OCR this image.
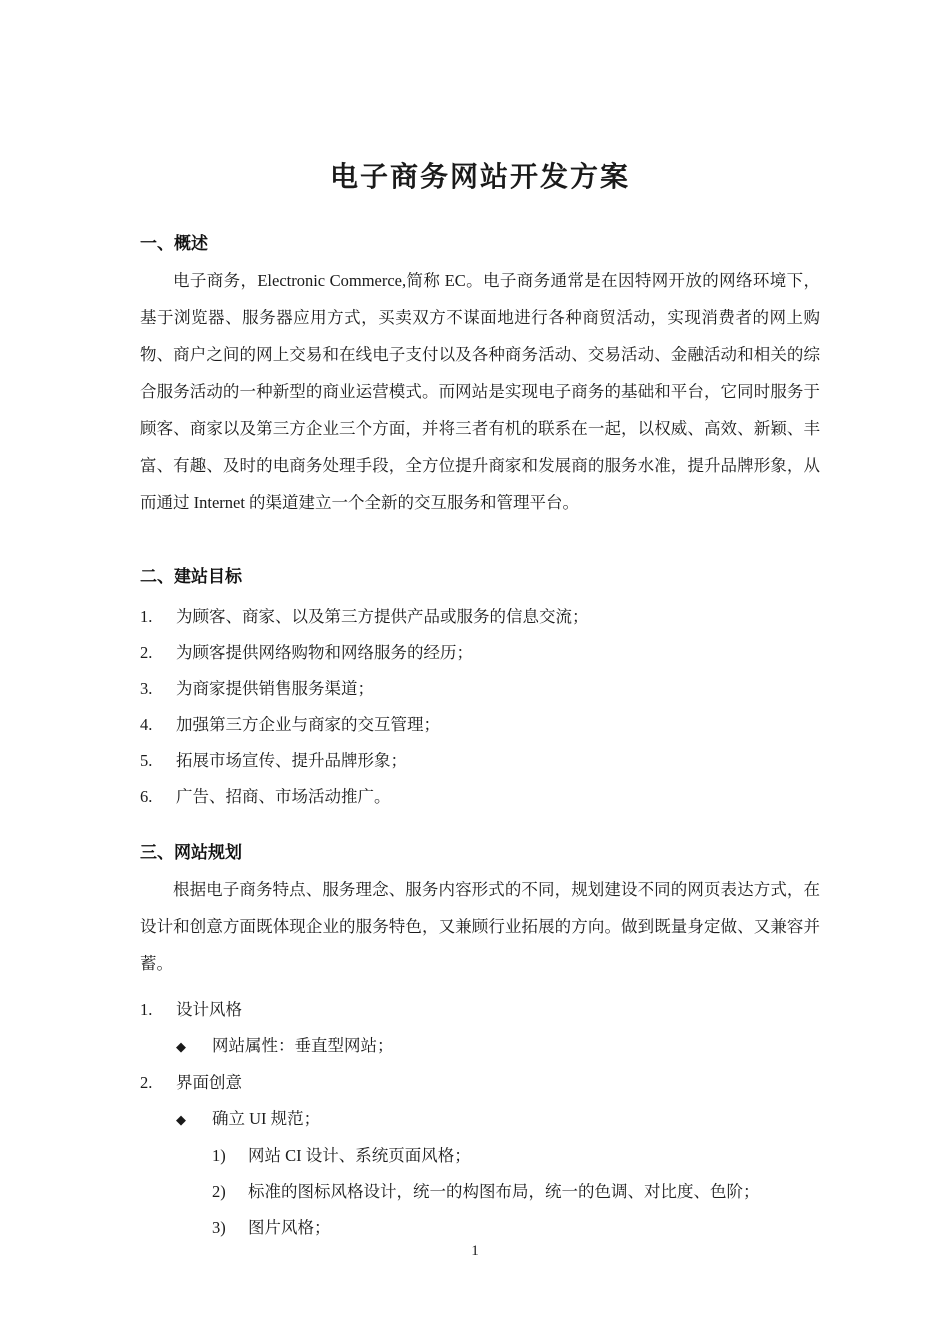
电子商务网站开发方案
一、概述

电子商务，Electronic Commerce,简称 EC。电子商务通常是在因特网开放的网络环境下，基于浏览器、服务器应用方式，买卖双方不谋面地进行各种商贸活动，实现消费者的网上购物、商户之间的网上交易和在线电子支付以及各种商务活动、交易活动、金融活动和相关的综合服务活动的一种新型的商业运营模式。而网站是实现电子商务的基础和平台，它同时服务于顾客、商家以及第三方企业三个方面，并将三者有机的联系在一起，以权威、高效、新颖、丰富、有趣、及时的电商务处理手段，全方位提升商家和发展商的服务水准，提升品牌形象，从而通过 Internet 的渠道建立一个全新的交互服务和管理平台。

二、建站目标
1.	为顾客、商家、以及第三方提供产品或服务的信息交流；
2.	为顾客提供网络购物和网络服务的经历；
3.	为商家提供销售服务渠道；
4.	加强第三方企业与商家的交互管理；
5.	拓展市场宣传、提升品牌形象；
6.	广告、招商、市场活动推广。
三、网站规划

根据电子商务特点、服务理念、服务内容形式的不同，规划建设不同的网页表达方式，在设计和创意方面既体现企业的服务特色，又兼顾行业拓展的方向。做到既量身定做、又兼容并蓄。

1.	设计风格
◆	网站属性：垂直型网站；
2.	界面创意
◆	确立 UI 规范；
1)	网站 CI 设计、系统页面风格；
2)	标准的图标风格设计，统一的构图布局，统一的色调、对比度、色阶；
3)	图片风格；
1
